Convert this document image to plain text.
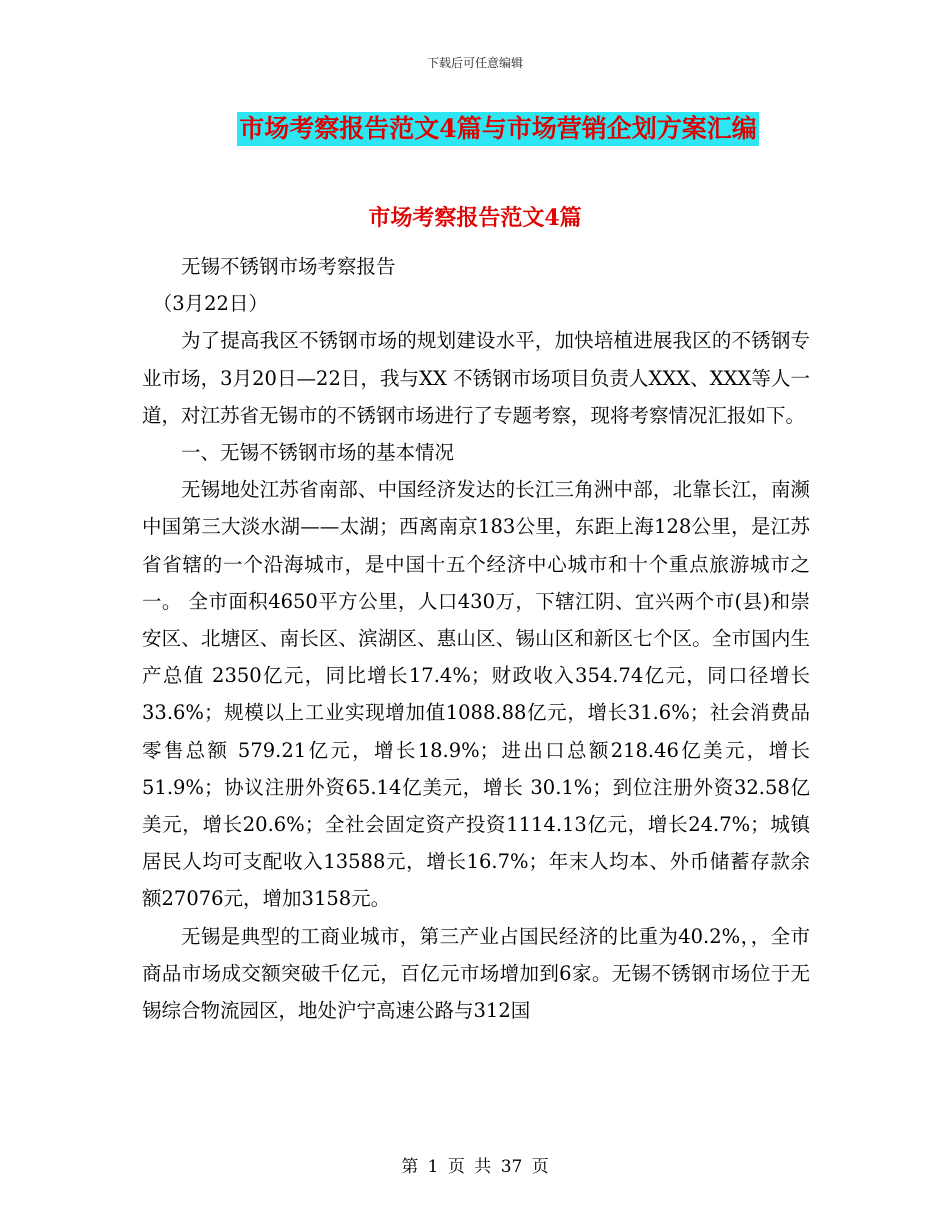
下载后可任意编辑
市场考察报告范文4篇与市场营销企划方案汇编
市场考察报告范文4篇

无锡不锈钢市场考察报告

（3月22日）

为了提高我区不锈钢市场的规划建设水平，加快培植进展我区的不锈钢专业市场，3月20日—22日，我与XX 不锈钢市场项目负责人XXX、XXX等人一道，对江苏省无锡市的不锈钢市场进行了专题考察，现将考察情况汇报如下。

一、无锡不锈钢市场的基本情况

无锡地处江苏省南部、中国经济发达的长江三角洲中部，北靠长江，南濒中国第三大淡水湖——太湖；西离南京183公里，东距上海128公里，是江苏省省辖的一个沿海城市，是中国十五个经济中心城市和十个重点旅游城市之一。 全市面积4650平方公里，人口430万，下辖江阴、宜兴两个市(县)和崇安区、北塘区、南长区、滨湖区、惠山区、锡山区和新区七个区。全市国内生产总值 2350亿元，同比增长17.4%；财政收入354.74亿元，同口径增长33.6%；规模以上工业实现增加值1088.88亿元，增长31.6%；社会消费品零售总额 579.21亿元，增长18.9%；进出口总额218.46亿美元，增长51.9%；协议注册外资65.14亿美元，增长 30.1%；到位注册外资32.58亿美元，增长20.6%；全社会固定资产投资1114.13亿元，增长24.7%；城镇居民人均可支配收入13588元，增长16.7%；年末人均本、外币储蓄存款余额27076元，增加3158元。

无锡是典型的工商业城市，第三产业占国民经济的比重为40.2%，，全市商品市场成交额突破千亿元，百亿元市场增加到6家。无锡不锈钢市场位于无锡综合物流园区，地处沪宁高速公路与312国

第 1 页 共 37 页
